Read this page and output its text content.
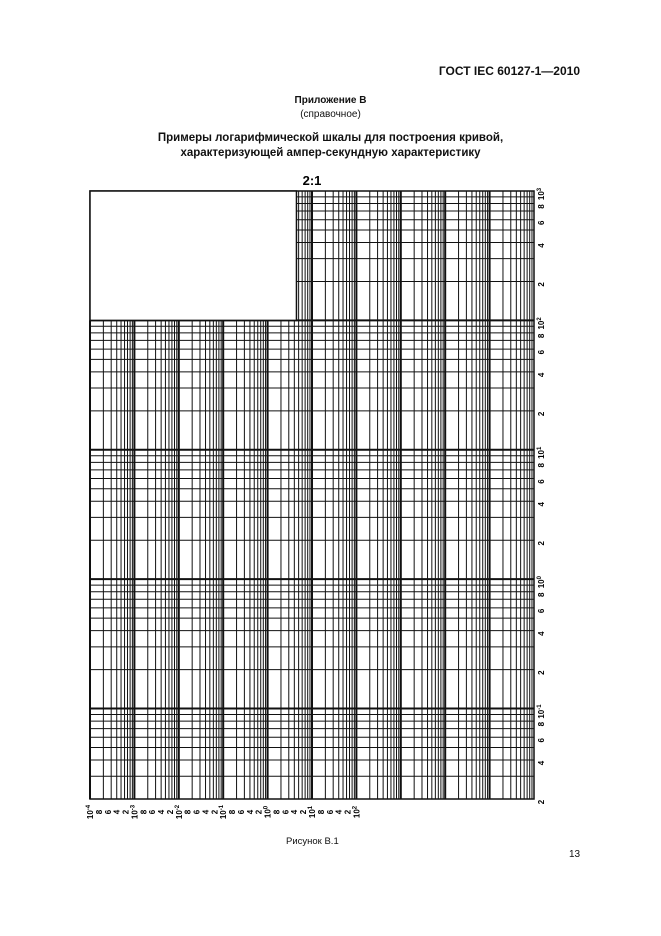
ГОСТ IEC 60127-1—2010
Приложение В
(справочное)
Примеры логарифмической шкалы для построения кривой,
характеризующей ампер-секундную характеристику
2:1
$10^3$
8
6
4
2
$10^2$
8
6
4
2
$10^1$
8
6
4
2
$10^0$
8
6
4
2
$10^{-1}$
8
6
4
2
$10^{-4}$
8 6 4 2 $10^{-3}$
8 6 4 2 $10^{-2}$
8 6 4 2 $10^{-1}$
8 6 4 2 $10^0$
8 6 4 2 $10^1$
8 6 4 2 $10^2$
Рисунок В.1
13
